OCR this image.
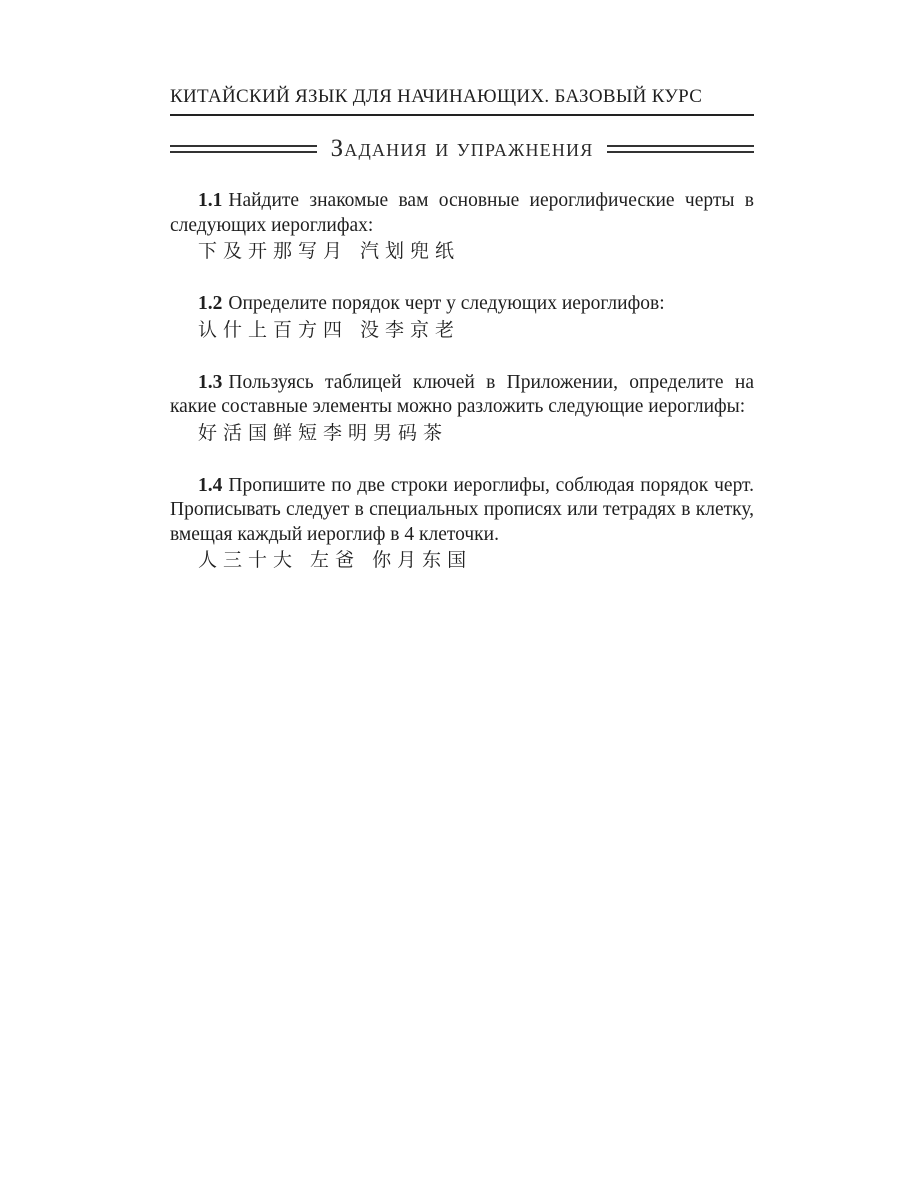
КИТАЙСКИЙ ЯЗЫК ДЛЯ НАЧИНАЮЩИХ. БАЗОВЫЙ КУРС
Задания и упражнения

1.1 Найдите знакомые вам основные иероглифические черты в следующих иероглифах:

下及开那写月 汽划兜纸

1.2 Определите порядок черт у следующих иероглифов:

认什上百方四 没李京老

1.3 Пользуясь таблицей ключей в Приложении, определите на какие составные элементы можно разложить следующие иероглифы:

好活国鲜短李明男码茶

1.4 Пропишите по две строки иероглифы, соблюдая порядок черт. Прописывать следует в специальных прописях или тетрадях в клетку, вмещая каждый иероглиф в 4 клеточки.

人三十大 左爸 你月东国
